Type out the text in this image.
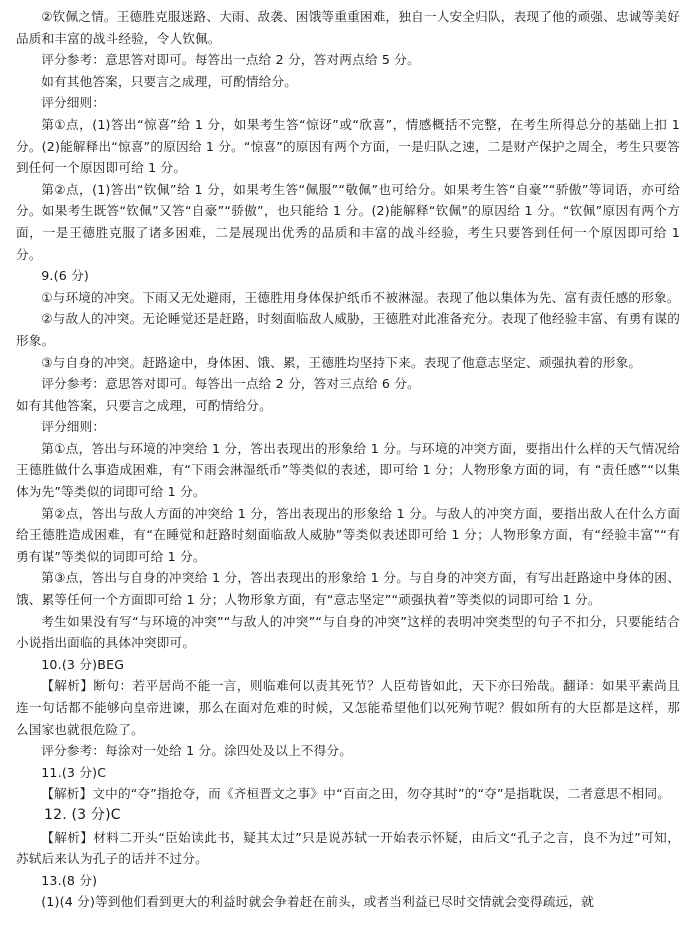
②钦佩之情。王德胜克服迷路、大雨、敌袭、困饿等重重困难，独自一人安全归队，表现了他的顽强、忠诚等美好品质和丰富的战斗经验，令人钦佩。

评分参考：意思答对即可。每答出一点给 2 分，答对两点给 5 分。

如有其他答案，只要言之成理，可酌情给分。

评分细则：

第①点，(1)答出“惊喜”给 1 分，如果考生答“惊讶”或“欣喜”，情感概括不完整，在考生所得总分的基础上扣 1 分。(2)能解释出“惊喜”的原因给 1 分。“惊喜”的原因有两个方面，一是归队之速，二是财产保护之周全，考生只要答到任何一个原因即可给 1 分。

第②点，(1)答出“钦佩”给 1 分，如果考生答“佩服”“敬佩”也可给分。如果考生答“自豪”“骄傲”等词语，亦可给分。如果考生既答“钦佩”又答“自豪”“骄傲”，也只能给 1 分。(2)能解释“钦佩”的原因给 1 分。“钦佩”原因有两个方面，一是王德胜克服了诸多困难，二是展现出优秀的品质和丰富的战斗经验，考生只要答到任何一个原因即可给 1 分。

9.(6 分)

①与环境的冲突。下雨又无处避雨，王德胜用身体保护纸币不被淋湿。表现了他以集体为先、富有责任感的形象。

②与敌人的冲突。无论睡觉还是赶路，时刻面临敌人威胁，王德胜对此准备充分。表现了他经验丰富、有勇有谋的形象。

③与自身的冲突。赶路途中，身体困、饿、累，王德胜均坚持下来。表现了他意志坚定、顽强执着的形象。

评分参考：意思答对即可。每答出一点给 2 分，答对三点给 6 分。

如有其他答案，只要言之成理，可酌情给分。

评分细则：

第①点，答出与环境的冲突给 1 分，答出表现出的形象给 1 分。与环境的冲突方面，要指出什么样的天气情况给王德胜做什么事造成困难，有“下雨会淋湿纸币”等类似的表述，即可给 1 分；人物形象方面的词，有 “责任感”“以集体为先”等类似的词即可给 1 分。

第②点，答出与敌人方面的冲突给 1 分，答出表现出的形象给 1 分。与敌人的冲突方面，要指出敌人在什么方面给王德胜造成困难，有“在睡觉和赶路时刻面临敌人威胁”等类似表述即可给 1 分；人物形象方面，有“经验丰富”“有勇有谋”等类似的词即可给 1 分。

第③点，答出与自身的冲突给 1 分，答出表现出的形象给 1 分。与自身的冲突方面，有写出赶路途中身体的困、饿、累等任何一个方面即可给 1 分；人物形象方面，有“意志坚定”“顽强执着”等类似的词即可给 1 分。

考生如果没有写“与环境的冲突”“与敌人的冲突”“与自身的冲突”这样的表明冲突类型的句子不扣分，只要能结合小说指出面临的具体冲突即可。

10.(3 分)BEG

【解析】断句：若平居尚不能一言，则临难何以责其死节？人臣苟皆如此，天下亦曰殆哉。翻译：如果平素尚且连一句话都不能够向皇帝进谏，那么在面对危难的时候，又怎能希望他们以死殉节呢？假如所有的大臣都是这样，那么国家也就很危险了。

评分参考：每涂对一处给 1 分。涂四处及以上不得分。

11.(3 分)C

【解析】文中的“夺”指抢夺，而《齐桓晋文之事》中“百亩之田，勿夺其时”的“夺”是指耽误，二者意思不相同。

12. (3 分)C

【解析】材料二开头“臣始读此书，疑其太过”只是说苏轼一开始表示怀疑，由后文“孔子之言，良不为过”可知，苏轼后来认为孔子的话并不过分。

13.(8 分)

(1)(4 分)等到他们看到更大的利益时就会争着赶在前头，或者当利益已尽时交情就会变得疏远，就
